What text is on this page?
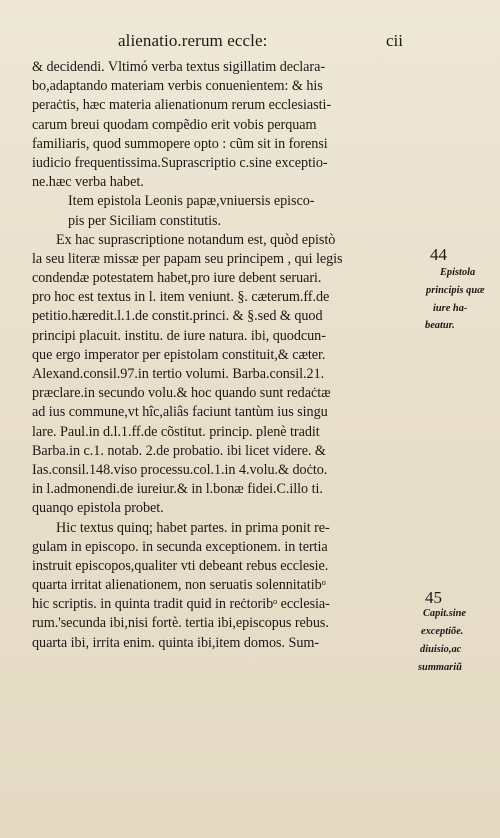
alienatio.rerum eccle:	cii
& decidendi. Vltimó verba textus sigillatim declara-
bo,adaptando materiam verbis conuenientem: & his
peraċtis, hæc materia alienationum rerum ecclesiasti-
carum breui quodam compẽdio erit vobis perquam
familiaris, quod summopere opto : cũm sit in forensi
iudicio frequentissima.Suprascriptio c.sine exceptio-
ne.hæc verba habet.
Item epistola Leonis papæ,vniuersis episco-
pis per Siciliam constitutis.
Ex hac suprascriptione notandum est, quòd epistò
la seu literæ missæ per papam seu principem , qui legis
condendæ potestatem habet,pro iure debent seruari.
pro hoc est textus in l. item veniunt. §. cæterum.ff.de
petitio.hæredit.l.1.de constit.princi. & §.sed & quod
principi placuit. institu. de iure natura. ibi, quodcun-
que ergo imperator per epistolam constituit,& cæter.
Alexand.consil.97.in tertio volumi. Barba.consil.21.
præclare.in secundo volu.& hoc quando sunt redaċtæ
ad ius commune,vt hîc,aliâs faciunt tantùm ius singu
lare. Paul.in d.l.1.ff.de cõstitut. princip. plenè tradit
Barba.in c.1. notab. 2.de probatio. ibi licet videre. &
Ias.consil.148.viso processu.col.1.in 4.volu.& doċto.
in l.admonendi.de iureiur.& in l.bonæ fidei.C.illo ti.
quanqo epistola probet.
Hic textus quinq; habet partes. in prima ponit re-
gulam in episcopo. in secunda exceptionem. in tertia
instruit episcopos,qualiter vti debeant rebus ecclesie.
quarta irritat alienationem, non seruatis solennitatibᵒ
hic scriptis. in quinta tradit quid in reċtoribᵒ ecclesia-
rum.'secunda ibi,nisi fortè. tertia ibi,episcopus rebus.
quarta ibi, irrita enim. quinta ibi,item domos. Sum-
44
Epistola
principis quæ
iure ha-
beatur.
45
Capit.sine
exceptiõe.
diuisio,ac
summariũ
